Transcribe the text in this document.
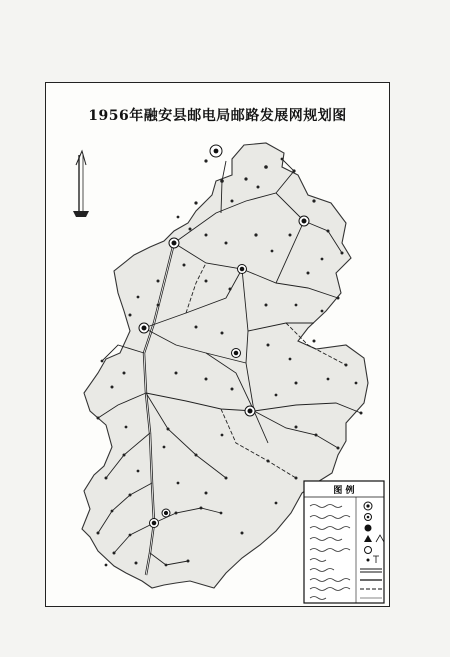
1956年融安县邮电局邮路发展网规划图
图 例
